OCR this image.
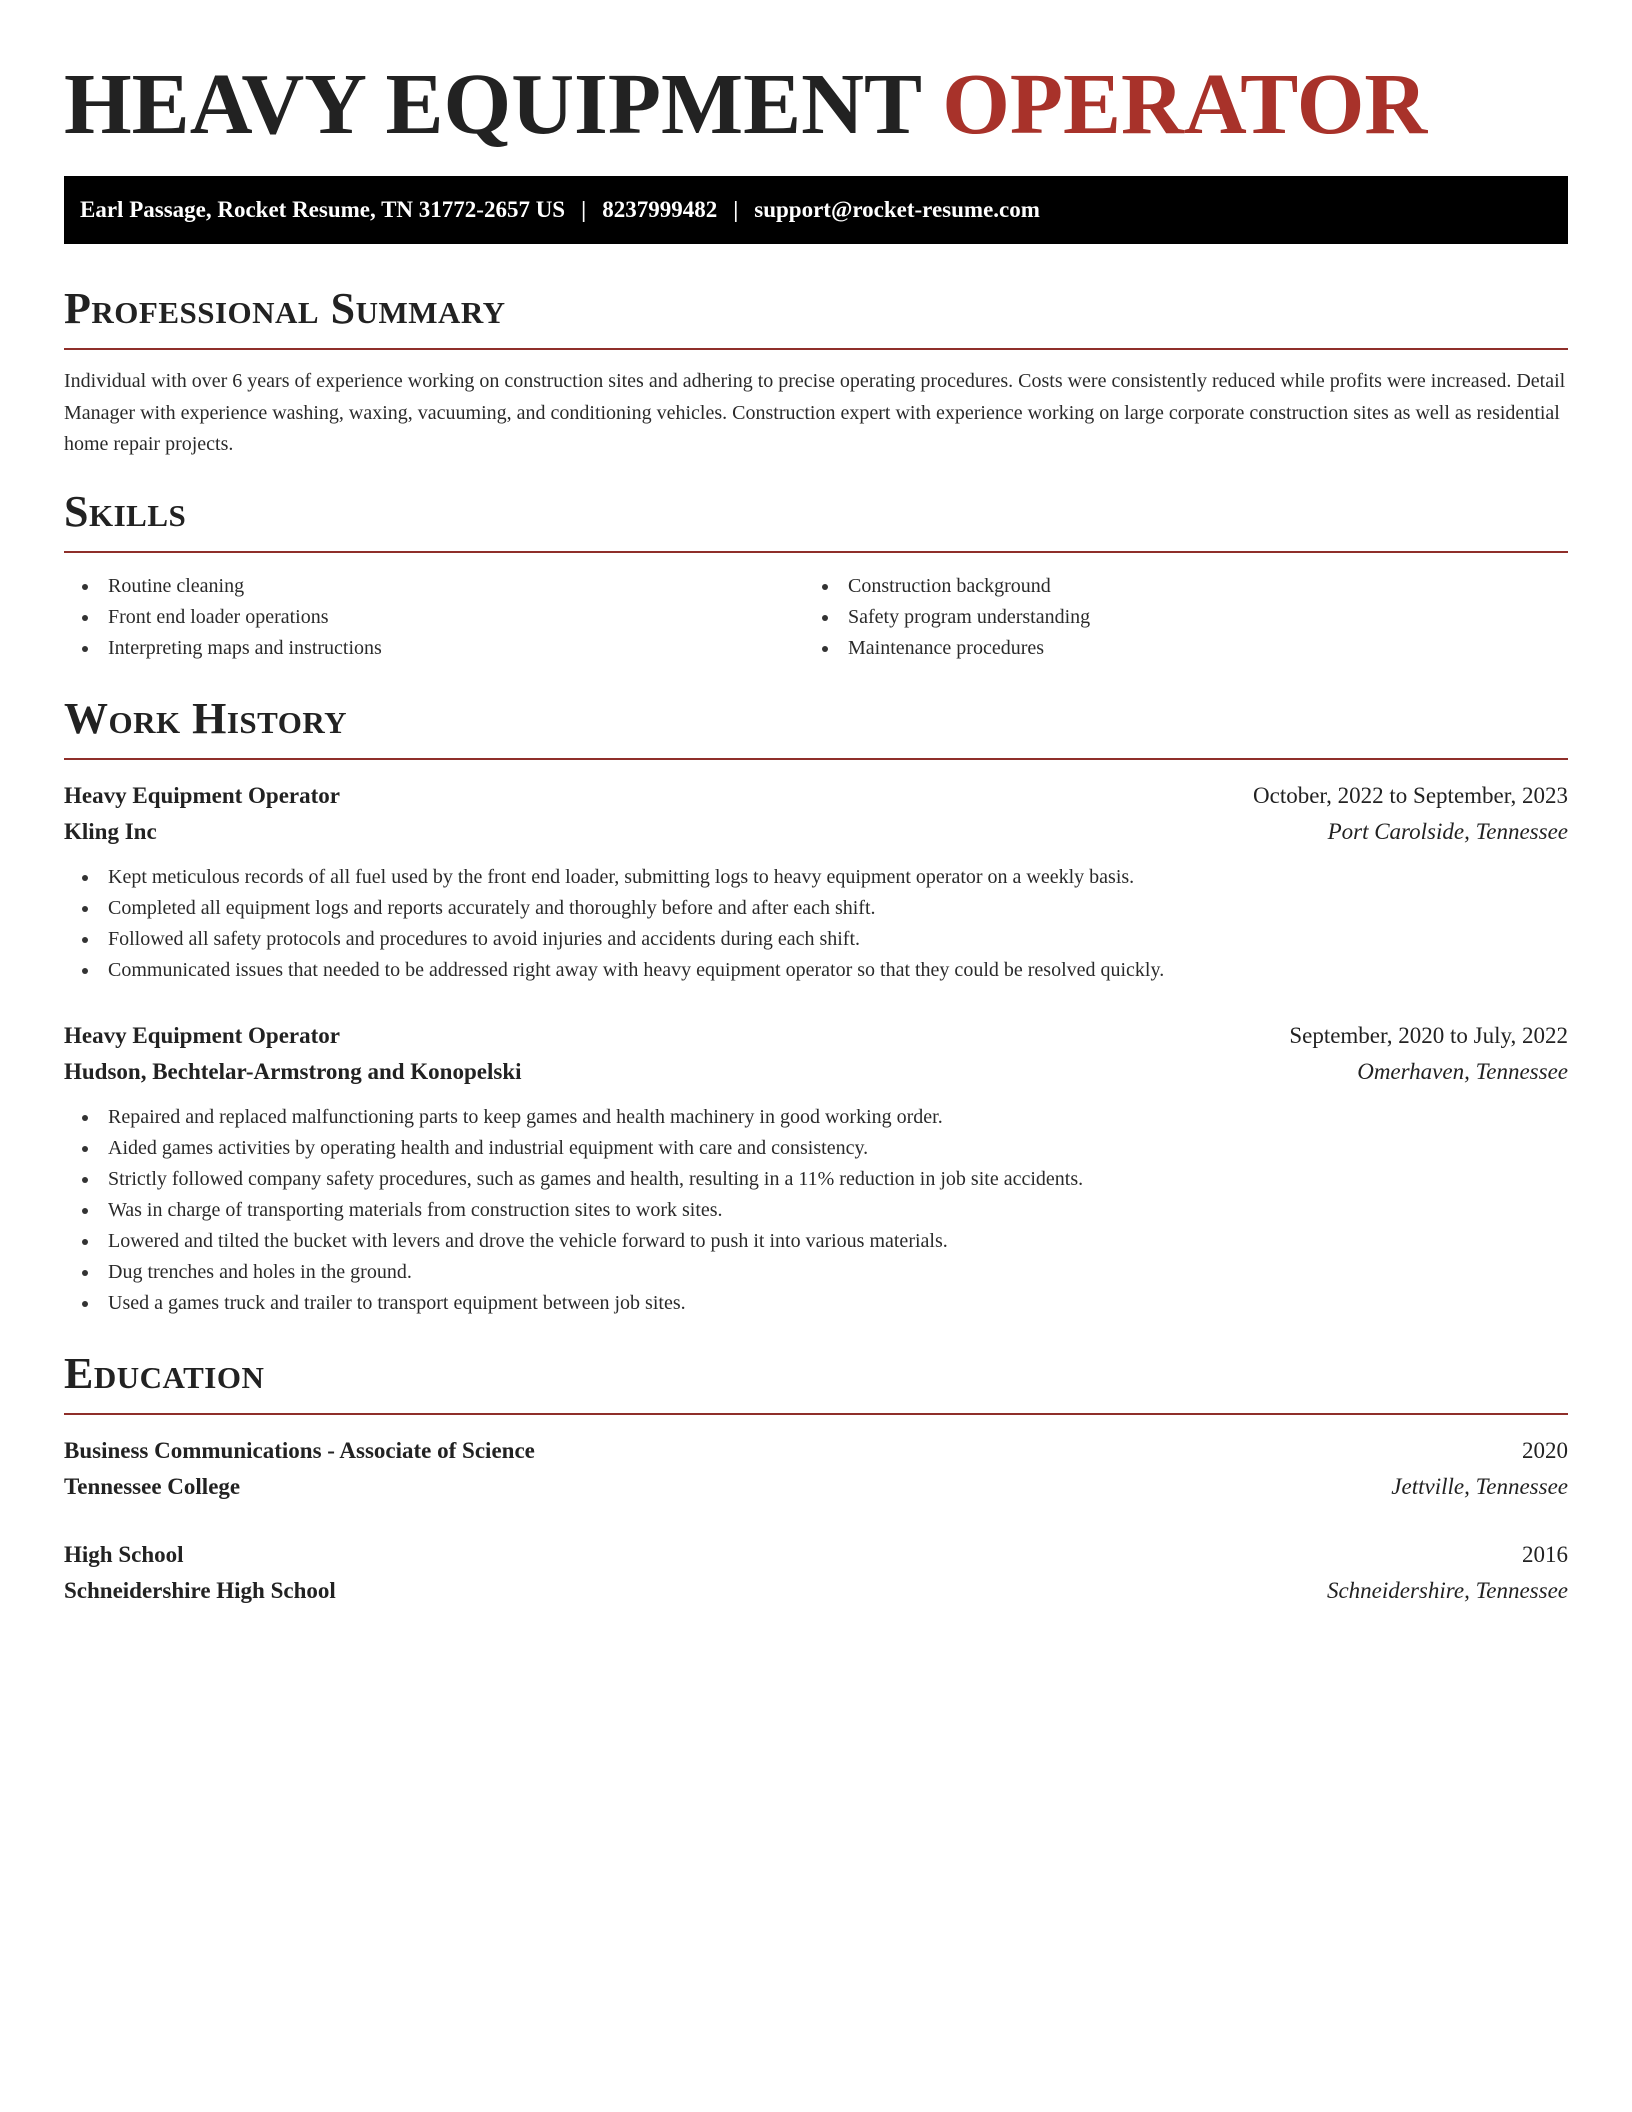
HEAVY EQUIPMENT OPERATOR
Earl Passage, Rocket Resume, TN 31772-2657 US | 8237999482 | support@rocket-resume.com
Professional Summary

Individual with over 6 years of experience working on construction sites and adhering to precise operating procedures. Costs were consistently reduced while profits were increased. Detail Manager with experience washing, waxing, vacuuming, and conditioning vehicles. Construction expert with experience working on large corporate construction sites as well as residential home repair projects.

Skills
Routine cleaning
Front end loader operations
Interpreting maps and instructions
Construction background
Safety program understanding
Maintenance procedures
Work History
Heavy Equipment Operator	October, 2022 to September, 2023
Kling Inc	Port Carolside, Tennessee
Kept meticulous records of all fuel used by the front end loader, submitting logs to heavy equipment operator on a weekly basis.
Completed all equipment logs and reports accurately and thoroughly before and after each shift.
Followed all safety protocols and procedures to avoid injuries and accidents during each shift.
Communicated issues that needed to be addressed right away with heavy equipment operator so that they could be resolved quickly.
Heavy Equipment Operator	September, 2020 to July, 2022
Hudson, Bechtelar-Armstrong and Konopelski	Omerhaven, Tennessee
Repaired and replaced malfunctioning parts to keep games and health machinery in good working order.
Aided games activities by operating health and industrial equipment with care and consistency.
Strictly followed company safety procedures, such as games and health, resulting in a 11% reduction in job site accidents.
Was in charge of transporting materials from construction sites to work sites.
Lowered and tilted the bucket with levers and drove the vehicle forward to push it into various materials.
Dug trenches and holes in the ground.
Used a games truck and trailer to transport equipment between job sites.
Education
Business Communications - Associate of Science	2020
Tennessee College	Jettville, Tennessee
High School	2016
Schneidershire High School	Schneidershire, Tennessee
